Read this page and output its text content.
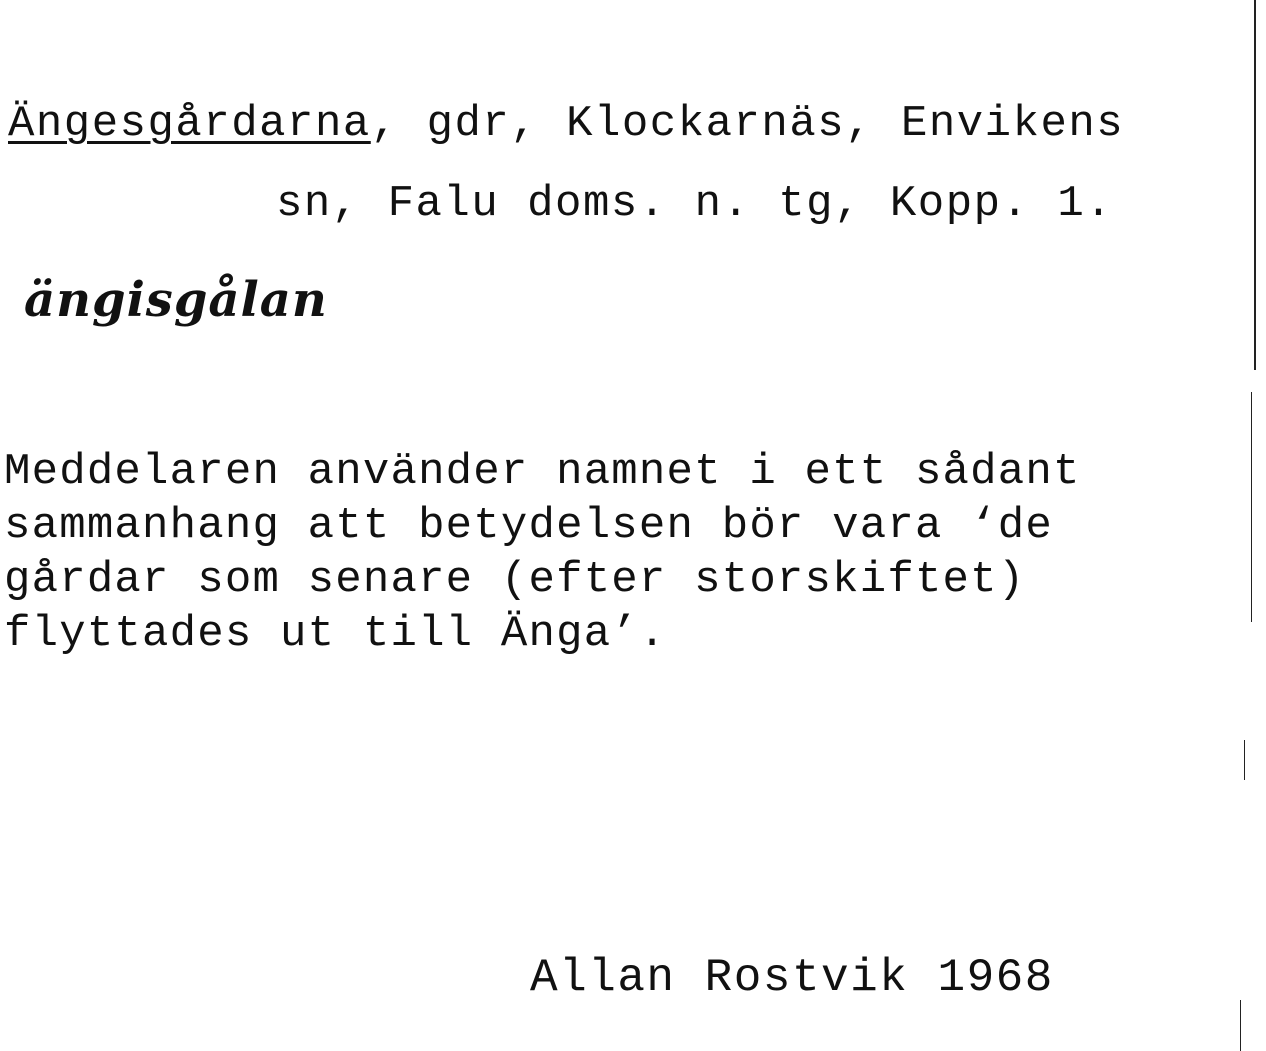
Ängesgårdarna, gdr, Klockarnäs, Envikens
sn, Falu doms. n. tg, Kopp. 1.
ängisgålan
Meddelaren använder namnet i ett sådant
sammanhang att betydelsen bör vara ‘de
gårdar som senare (efter storskiftet)
flyttades ut till Änga’.
Allan Rostvik 1968
